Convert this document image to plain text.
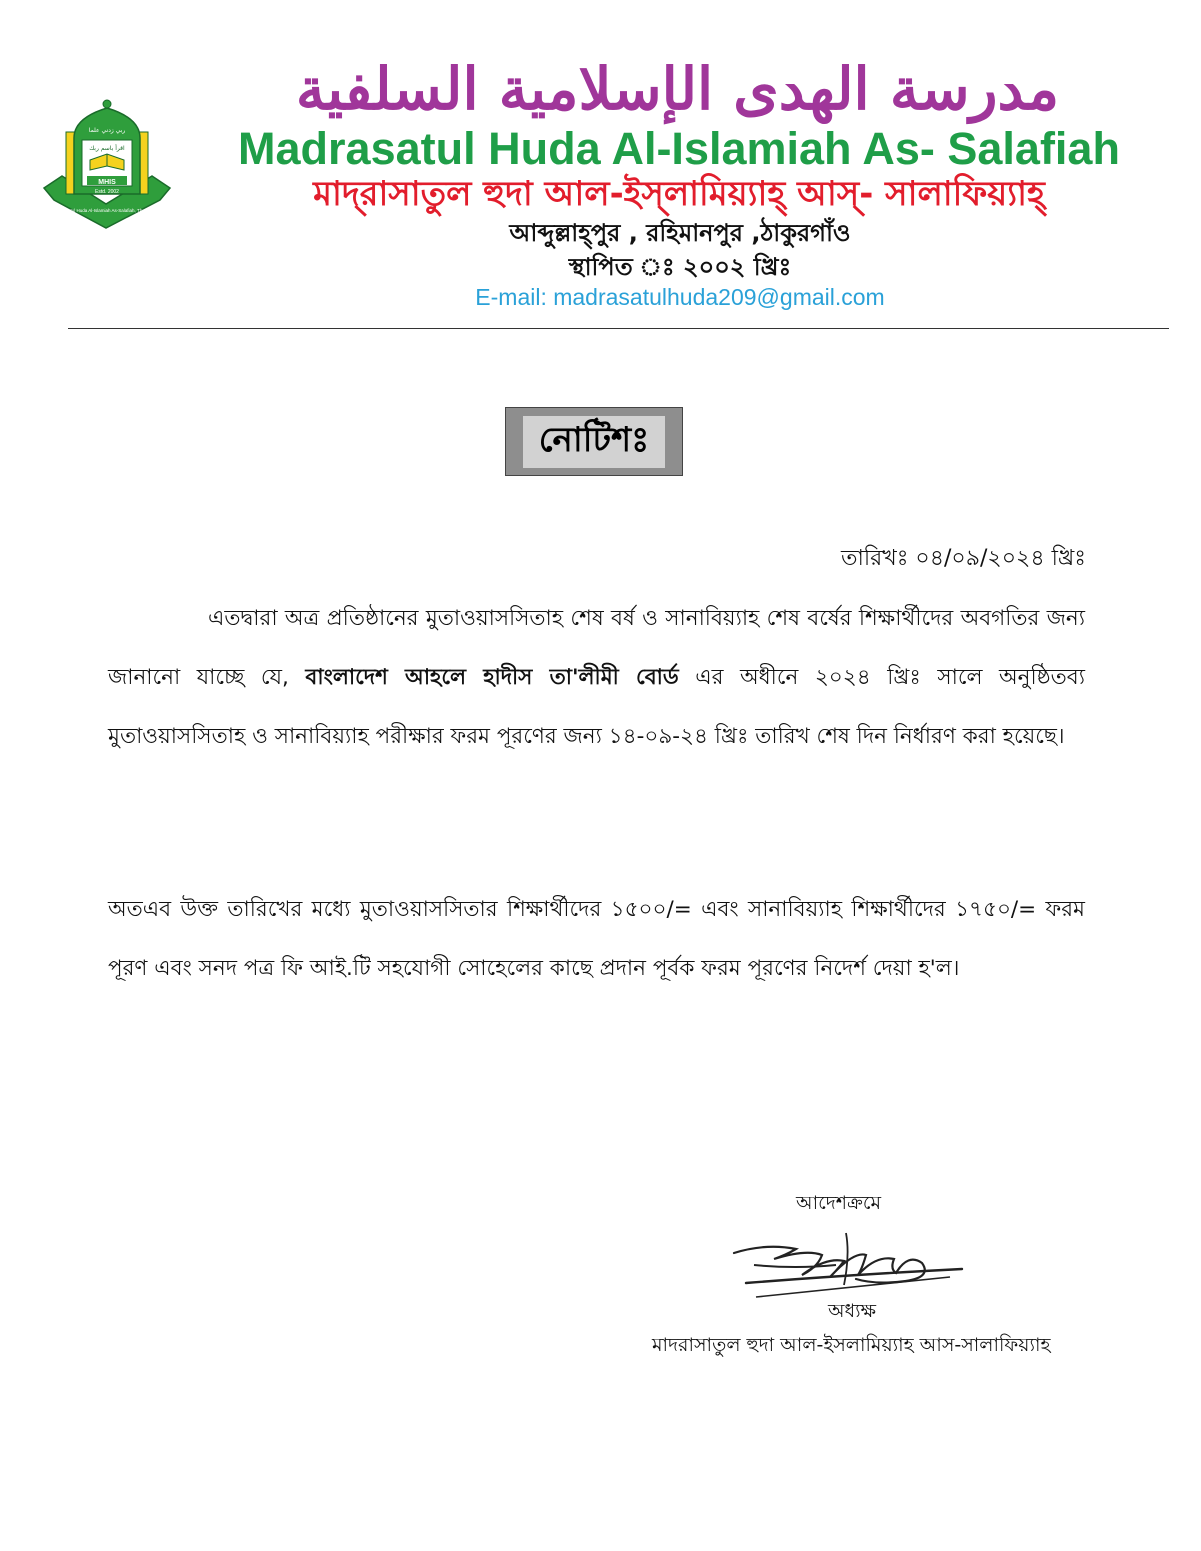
MHIS
ربي زدني علما
اقرأ باسم ربك
Estd. 2002
Madrasatul Huda Al-Islamiah As-Salafiah, Thakurgaon
مدرسة الهدى الإسلامية السلفية
Madrasatul Huda Al-Islamiah As- Salafiah
মাদ্‌রাসাতুল হুদা আল-ইস্‌লামিয়্যাহ্‌ আস্‌- সালাফিয়্যাহ্‌
আব্দুল্লাহ্‌পুর , রহিমানপুর ,ঠাকুরগাঁও
স্থাপিত ঃ ২০০২ খ্রিঃ
E-mail: madrasatulhuda209@gmail.com
নোটিশঃ
তারিখঃ ০৪/০৯/২০২৪ খ্রিঃ
এতদ্বারা অত্র প্রতিষ্ঠানের মুতাওয়াসসিতাহ শেষ বর্ষ ও সানাবিয়্যাহ শেষ বর্ষের শিক্ষার্থীদের অবগতির জন্য জানানো যাচ্ছে যে, বাংলাদেশ আহলে হাদীস তা'লীমী বোর্ড এর অধীনে ২০২৪ খ্রিঃ সালে অনুষ্ঠিতব্য মুতাওয়াসসিতাহ ও সানাবিয়্যাহ পরীক্ষার ফরম পূরণের জন্য ১৪-০৯-২৪ খ্রিঃ তারিখ শেষ দিন নির্ধারণ করা হয়েছে।
অতএব উক্ত তারিখের মধ্যে মুতাওয়াসসিতার শিক্ষার্থীদের ১৫০০/= এবং সানাবিয়্যাহ শিক্ষার্থীদের ১৭৫০/= ফরম পূরণ এবং সনদ পত্র ফি আই.টি সহযোগী সোহেলের কাছে প্রদান পূর্বক ফরম পূরণের নিদের্শ দেয়া হ'ল।
আদেশক্রমে
অধ্যক্ষ
মাদরাসাতুল হুদা আল-ইসলামিয়্যাহ আস-সালাফিয়্যাহ
